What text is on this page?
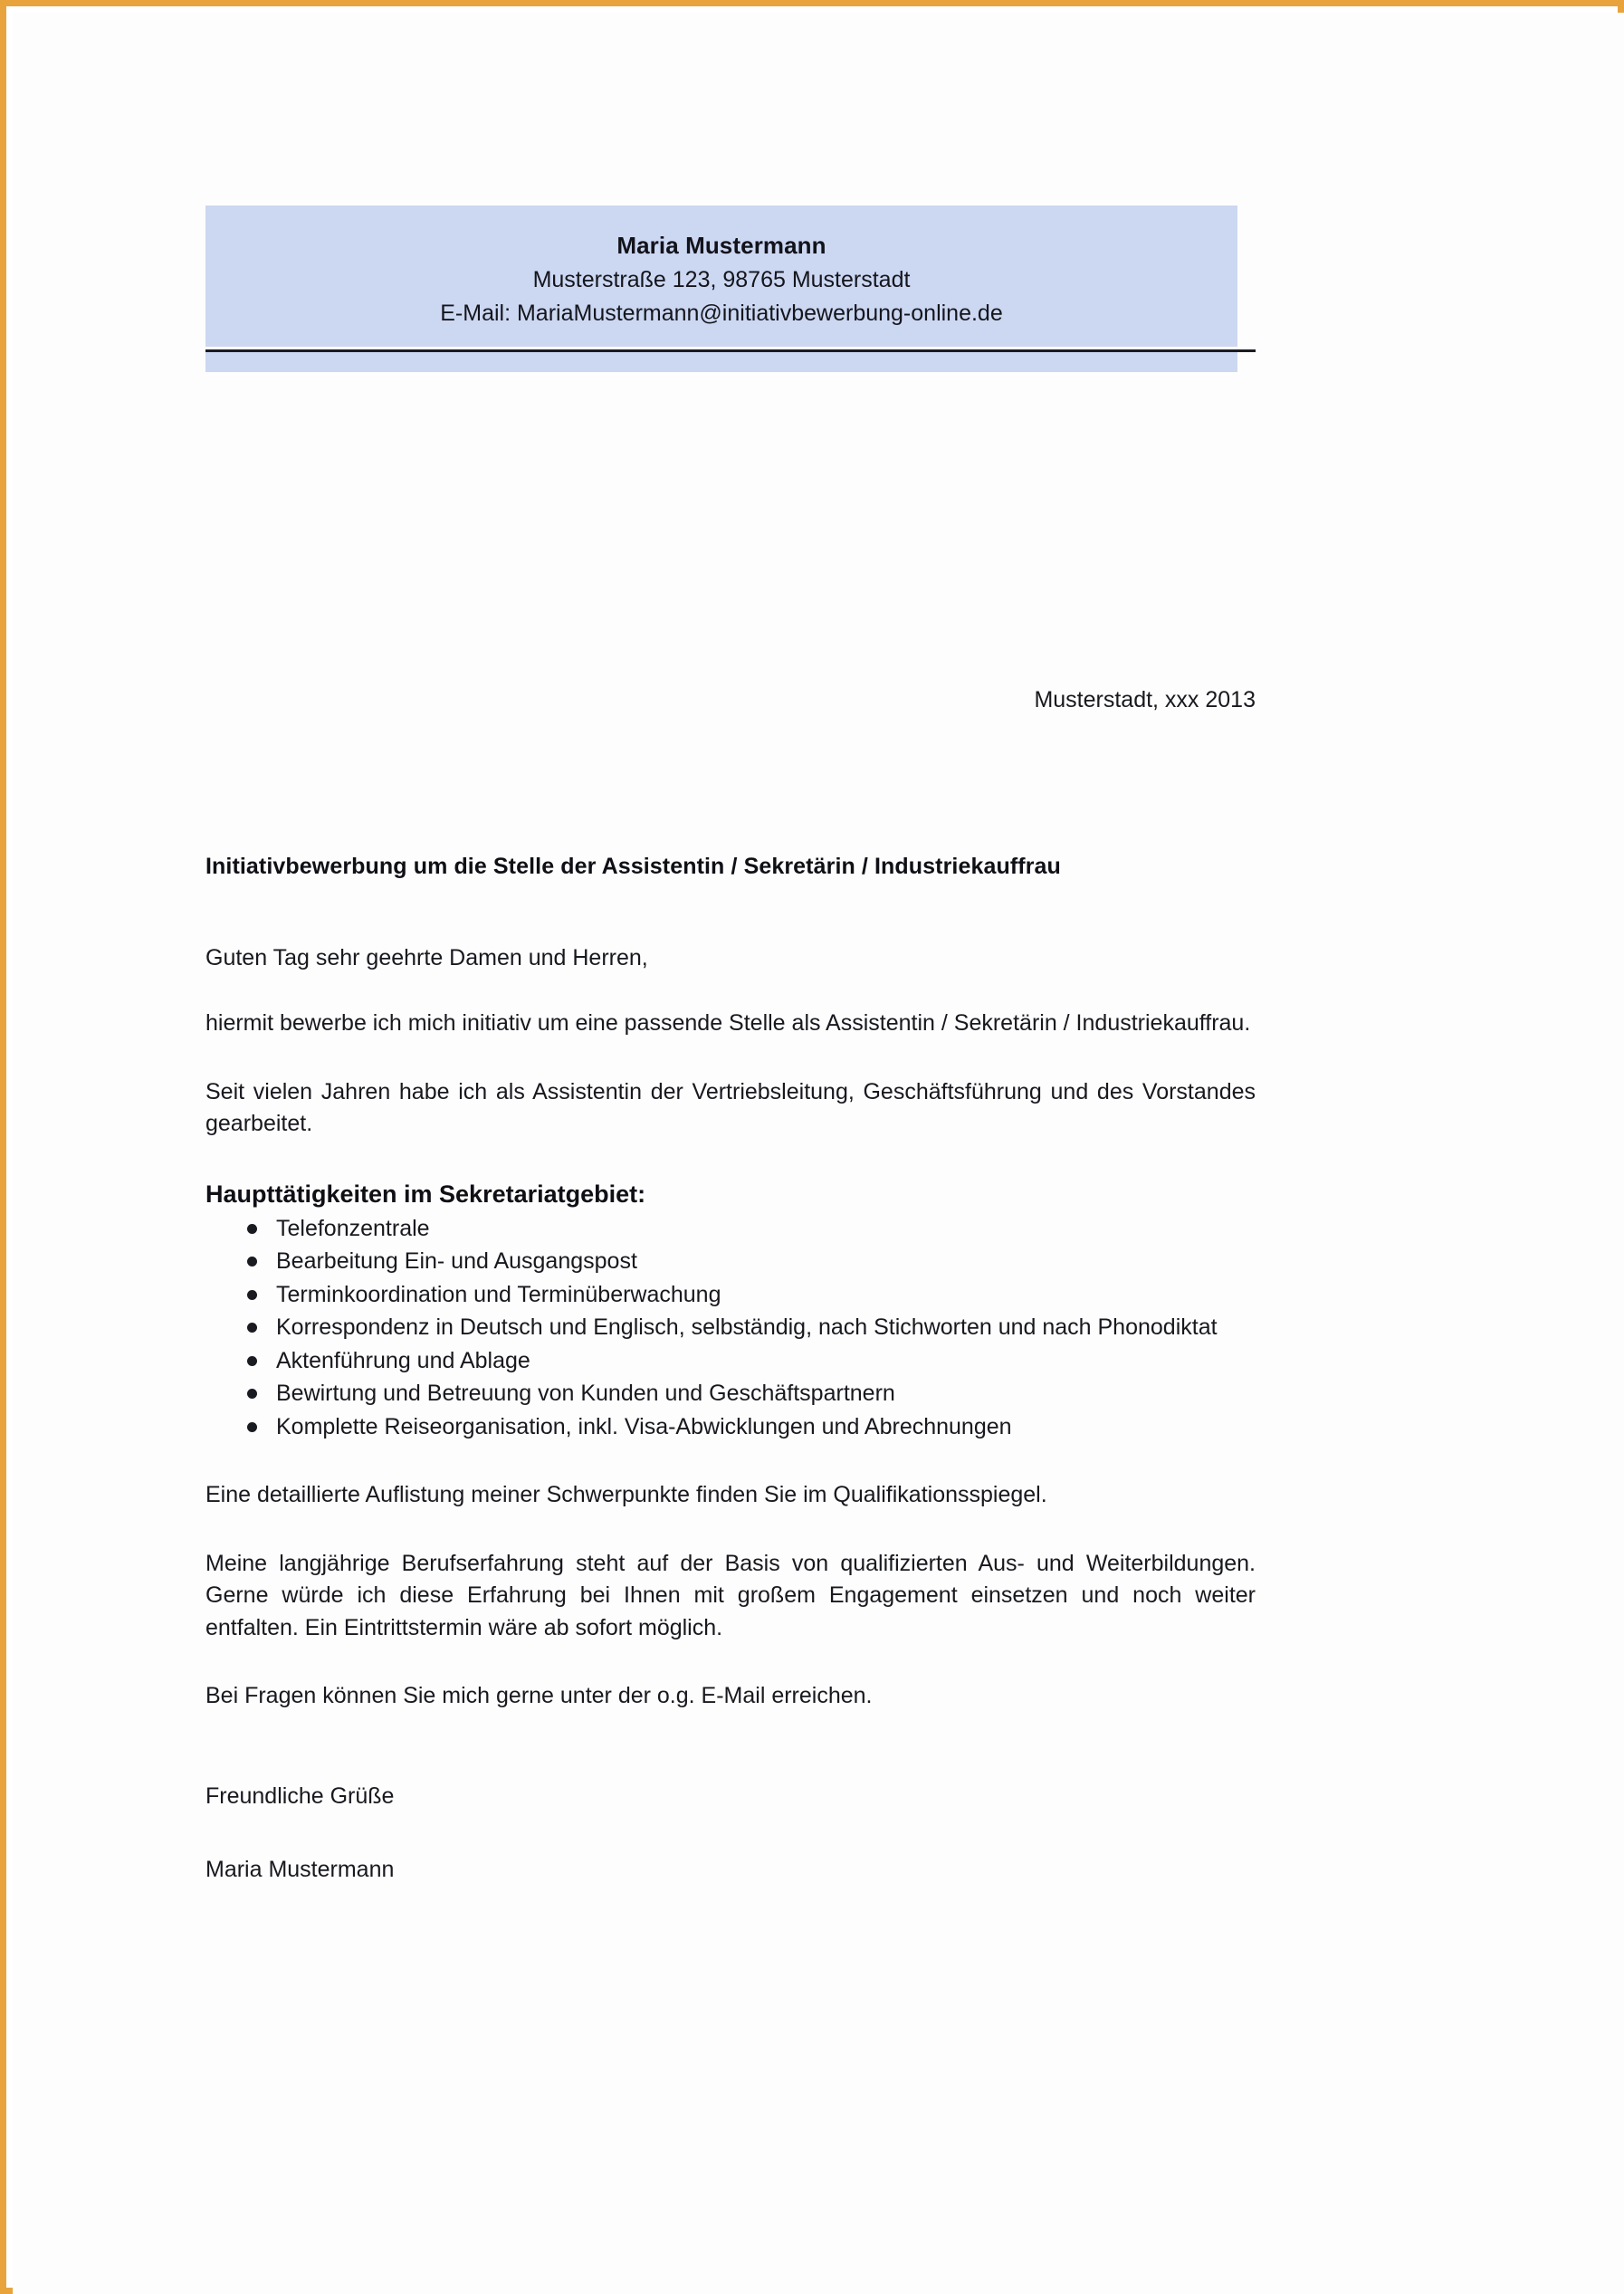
Maria Mustermann
Musterstraße 123, 98765 Musterstadt
E-Mail: MariaMustermann@initiativbewerbung-online.de
Musterstadt, xxx 2013
Initiativbewerbung um die Stelle der Assistentin / Sekretärin / Industriekauffrau
Guten Tag sehr geehrte Damen und Herren,

hiermit bewerbe ich mich initiativ um eine passende Stelle als Assistentin / Sekretärin / Industriekauffrau.

Seit vielen Jahren habe ich als Assistentin der Vertriebsleitung, Geschäftsführung und des Vorstandes gearbeitet.

Haupttätigkeiten im Sekretariatgebiet:
Telefonzentrale
Bearbeitung Ein- und Ausgangspost
Terminkoordination und Terminüberwachung
Korrespondenz in Deutsch und Englisch, selbständig, nach Stichworten und nach Phonodiktat
Aktenführung und Ablage
Bewirtung und Betreuung von Kunden und Geschäftspartnern
Komplette Reiseorganisation, inkl. Visa-Abwicklungen und Abrechnungen

Eine detaillierte Auflistung meiner Schwerpunkte finden Sie im Qualifikationsspiegel.

Meine langjährige Berufserfahrung steht auf der Basis von qualifizierten Aus- und Weiterbildungen. Gerne würde ich diese Erfahrung bei Ihnen mit großem Engagement einsetzen und noch weiter entfalten. Ein Eintrittstermin wäre ab sofort möglich.

Bei Fragen können Sie mich gerne unter der o.g. E-Mail erreichen.

Freundliche Grüße
Maria Mustermann
